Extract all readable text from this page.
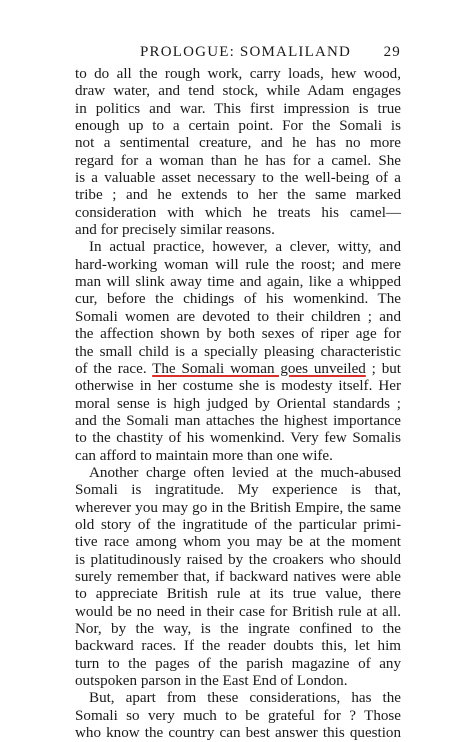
PROLOGUE: SOMALILAND 29
to do all the rough work, carry loads, hew wood,
draw water, and tend stock, while Adam engages
in politics and war. This first impression is true
enough up to a certain point. For the Somali is
not a sentimental creature, and he has no more
regard for a woman than he has for a camel. She
is a valuable asset necessary to the well-being of a
tribe ; and he extends to her the same marked
consideration with which he treats his camel—
and for precisely similar reasons.
In actual practice, however, a clever, witty, and
hard-working woman will rule the roost; and mere
man will slink away time and again, like a whipped
cur, before the chidings of his womenkind. The
Somali women are devoted to their children ; and
the affection shown by both sexes of riper age for
the small child is a specially pleasing characteristic
of the race. The Somali woman goes unveiled ; but
otherwise in her costume she is modesty itself. Her
moral sense is high judged by Oriental standards ;
and the Somali man attaches the highest importance
to the chastity of his womenkind. Very few Somalis
can afford to maintain more than one wife.
Another charge often levied at the much-abused
Somali is ingratitude. My experience is that,
wherever you may go in the British Empire, the same
old story of the ingratitude of the particular primi-
tive race among whom you may be at the moment
is platitudinously raised by the croakers who should
surely remember that, if backward natives were able
to appreciate British rule at its true value, there
would be no need in their case for British rule at all.
Nor, by the way, is the ingrate confined to the
backward races. If the reader doubts this, let him
turn to the pages of the parish magazine of any
outspoken parson in the East End of London.
But, apart from these considerations, has the
Somali so very much to be grateful for ? Those
who know the country can best answer this question
